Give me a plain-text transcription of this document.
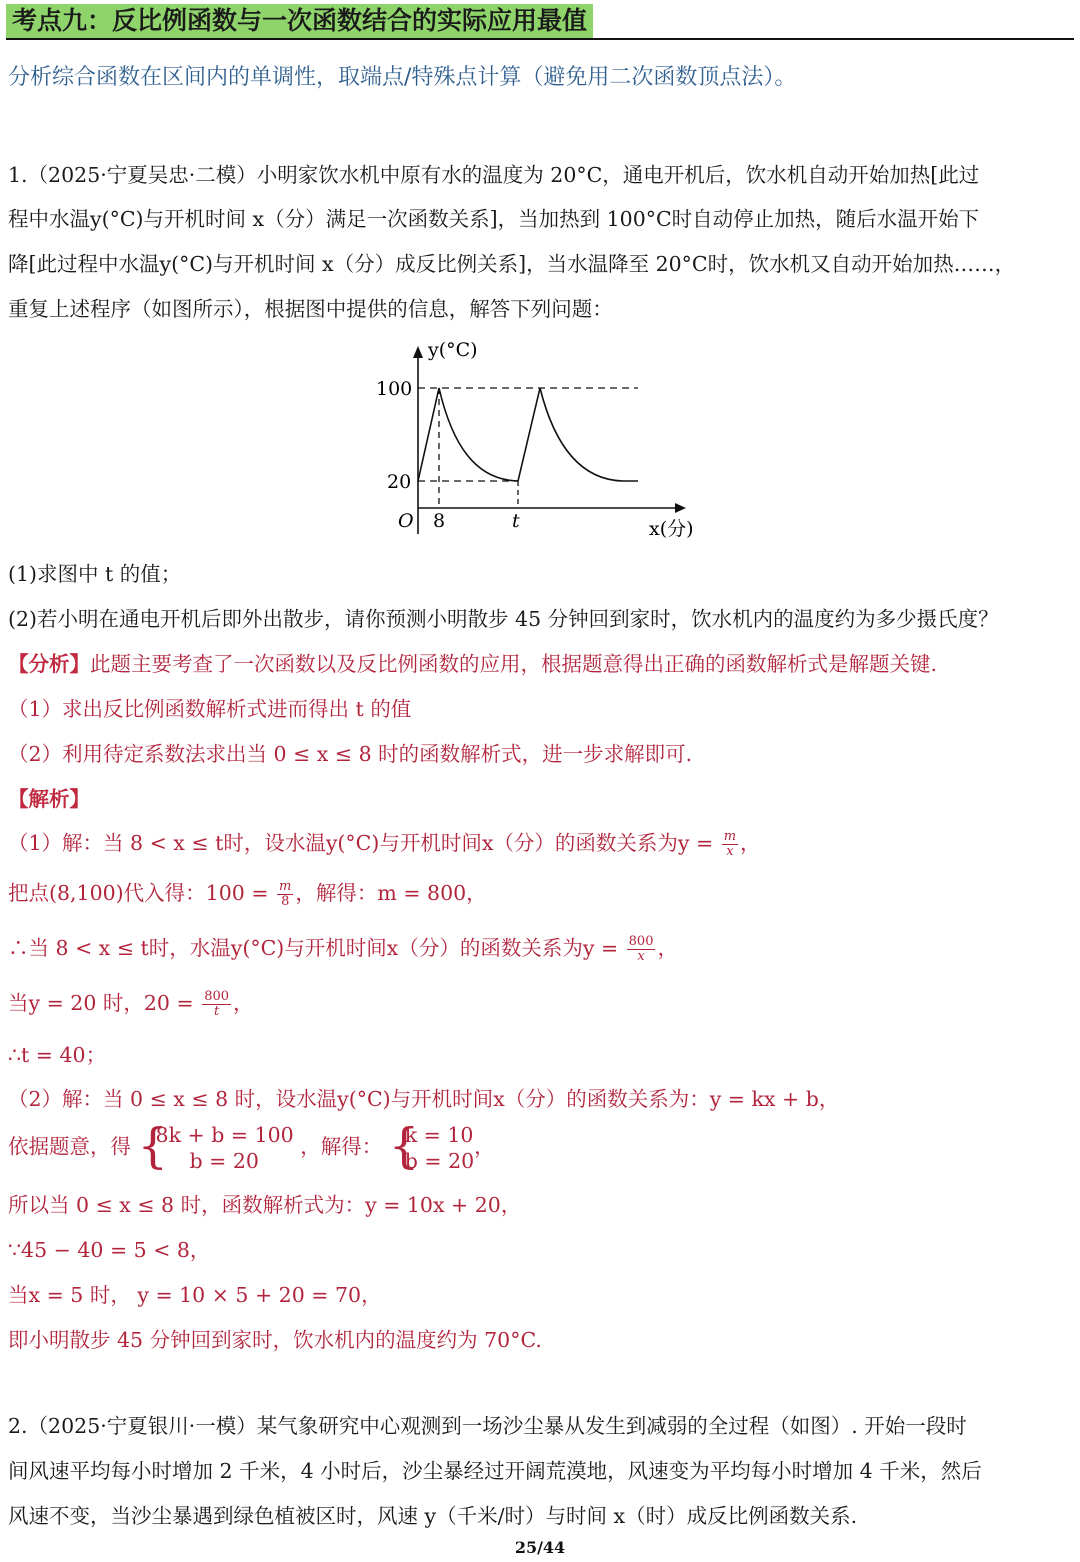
考点九：反比例函数与一次函数结合的实际应用最值
分析综合函数在区间内的单调性，取端点/特殊点计算（避免用二次函数顶点法）。
1.（2025·宁夏吴忠·二模）小明家饮水机中原有水的温度为 20°C，通电开机后，饮水机自动开始加热[此过
程中水温y(°C)与开机时间 x（分）满足一次函数关系]，当加热到 100°C时自动停止加热，随后水温开始下
降[此过程中水温y(°C)与开机时间 x（分）成反比例关系]，当水温降至 20°C时，饮水机又自动开始加热……，
重复上述程序（如图所示），根据图中提供的信息，解答下列问题：
y(°C)
100
20
O 8	t	x(分)
(1)求图中 t 的值；
(2)若小明在通电开机后即外出散步，请你预测小明散步 45 分钟回到家时，饮水机内的温度约为多少摄氏度？
【分析】此题主要考查了一次函数以及反比例函数的应用，根据题意得出正确的函数解析式是解题关键.
（1）求出反比例函数解析式进而得出 t 的值
（2）利用待定系数法求出当 0 ≤ x ≤ 8 时的函数解析式，进一步求解即可.
【解析】
（1）解：当 8 < x ≤ t时，设水温y(°C)与开机时间x（分）的函数关系为$y = \frac{m}{x}$ ，
把点(8,100)代入得：$100 = \frac{m}{8}$ ，解得：m = 800，
∴当 8 < x ≤ t时，水温y(°C)与开机时间x（分）的函数关系为$y = \frac{800}{x}$ ，
当y = 20 时，$20 = \frac{800}{t}$ ，
∴t = 40；
（2）解：当 0 ≤ x ≤ 8 时，设水温y(°C)与开机时间x（分）的函数关系为：y = kx + b，
依据题意，得 {
8k + b = 100
b = 20
，解得： {
k = 10
b = 20
，
所以当 0 ≤ x ≤ 8 时，函数解析式为：y = 10x + 20，
∵45 − 40 = 5 < 8，
当x = 5 时， y = 10 × 5 + 20 = 70，
即小明散步 45 分钟回到家时，饮水机内的温度约为 70°C.
2.（2025·宁夏银川·一模）某气象研究中心观测到一场沙尘暴从发生到减弱的全过程（如图）. 开始一段时
间风速平均每小时增加 2 千米，4 小时后，沙尘暴经过开阔荒漠地，风速变为平均每小时增加 4 千米，然后
风速不变，当沙尘暴遇到绿色植被区时，风速 y（千米/时）与时间 x（时）成反比例函数关系.
25/44
